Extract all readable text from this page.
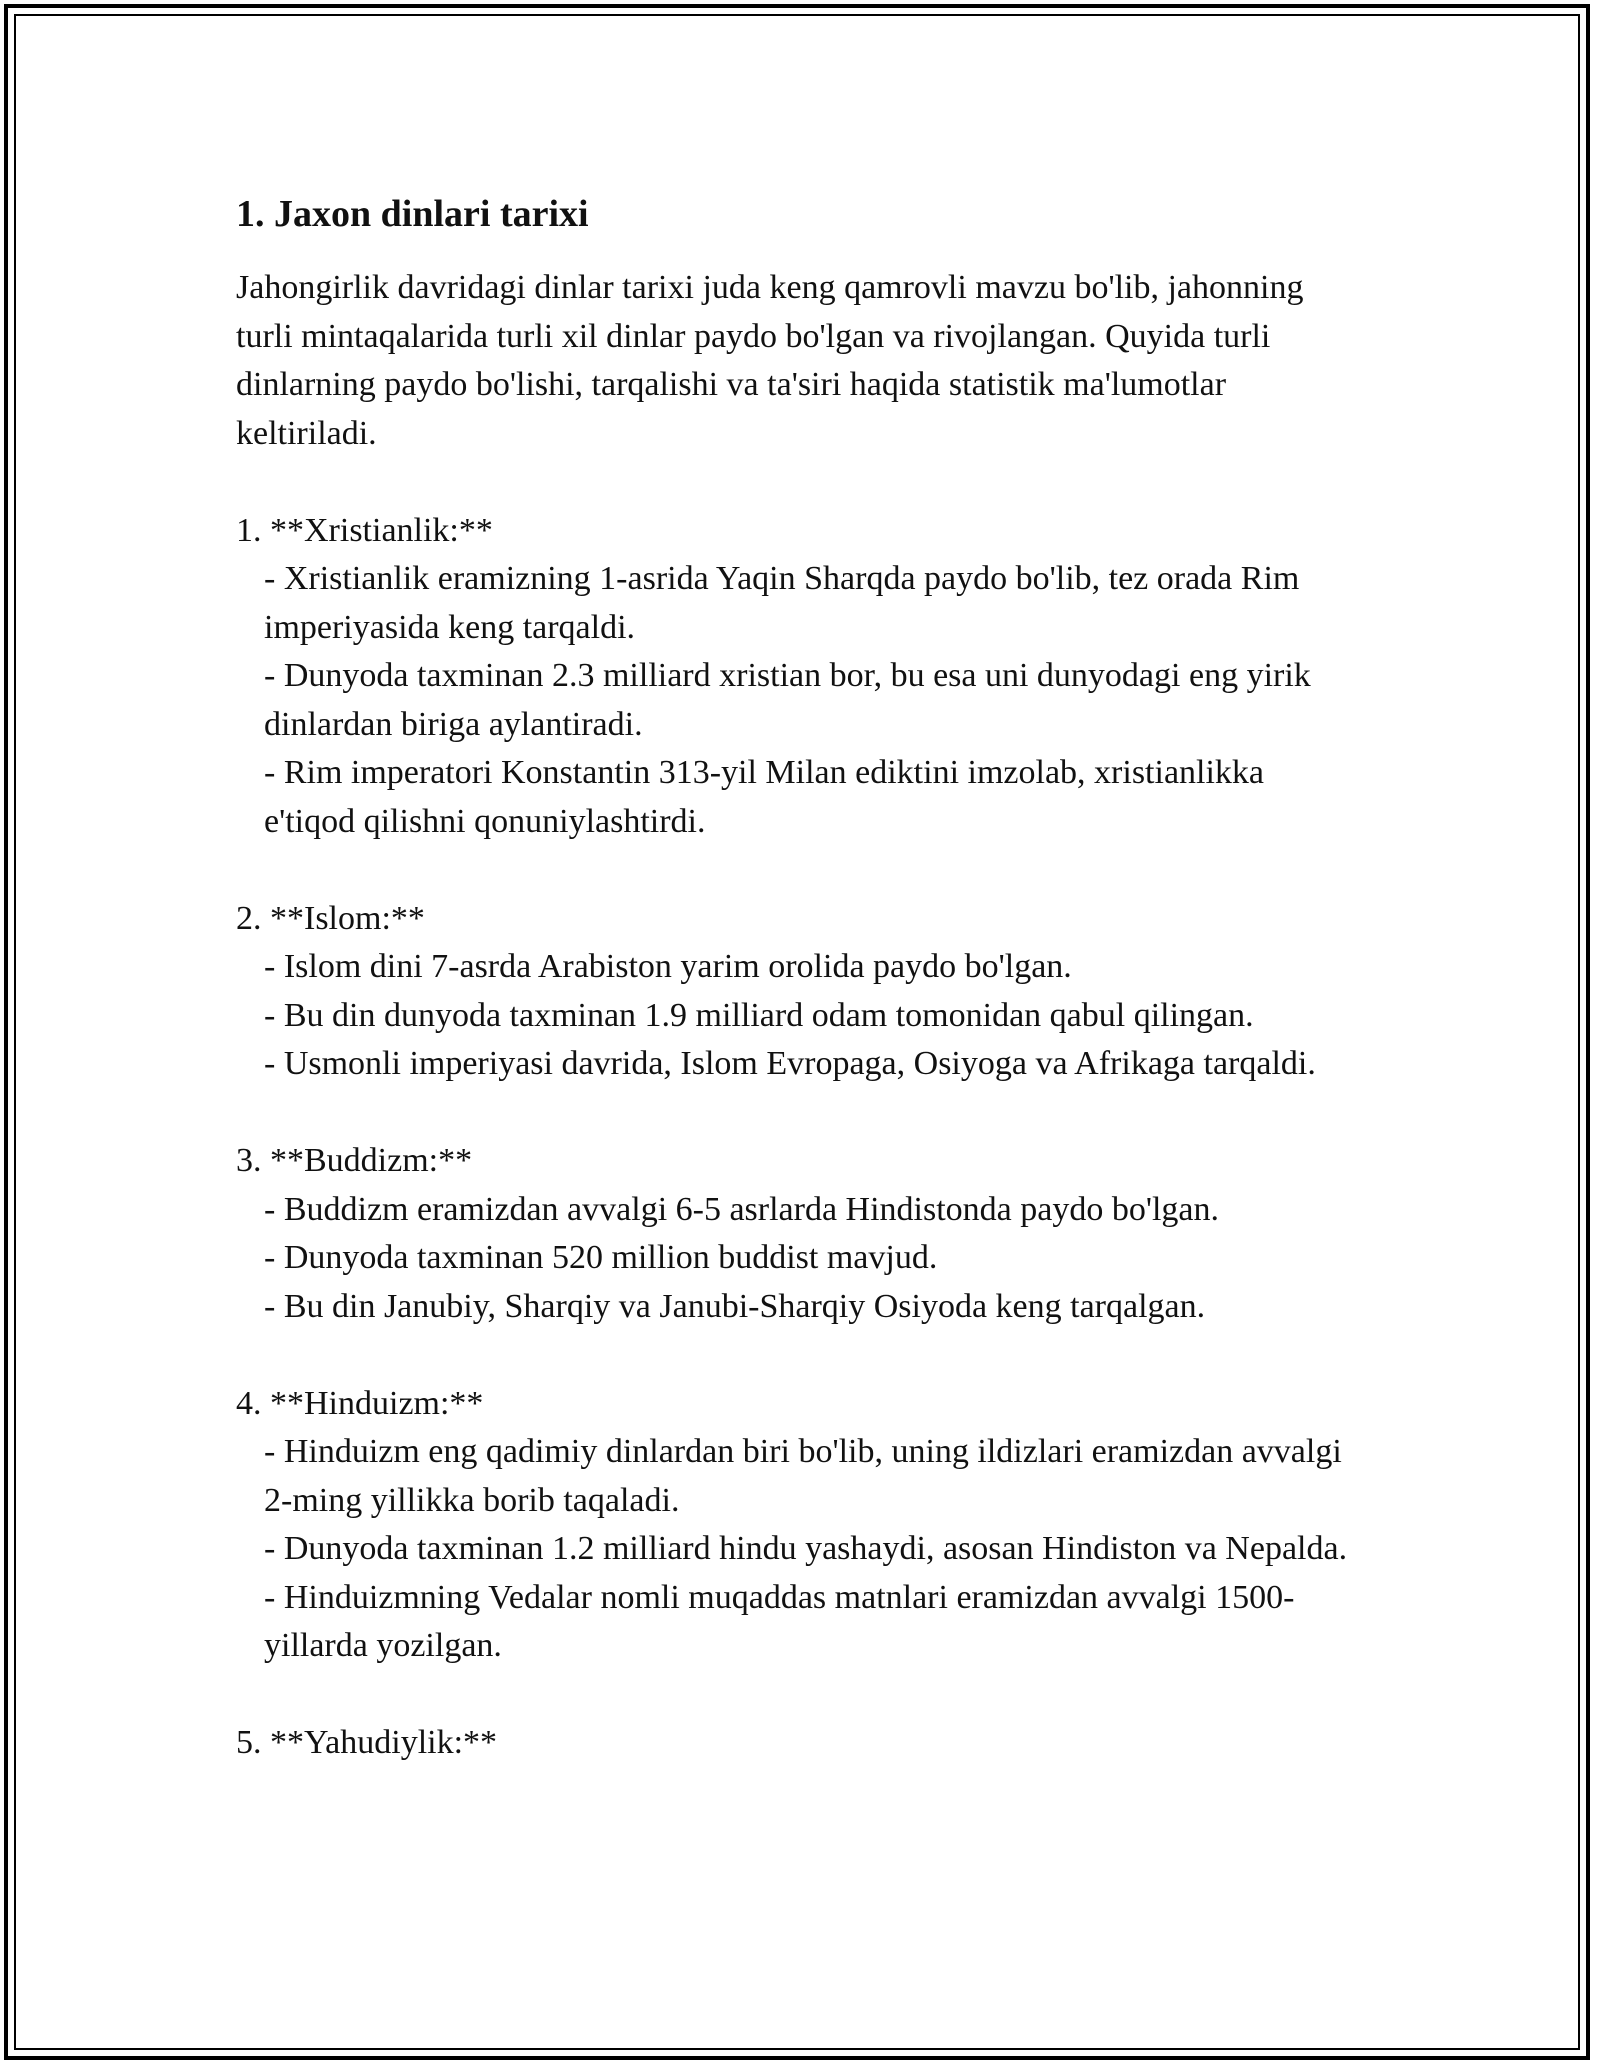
1. Jaxon dinlari tarixi

Jahongirlik davridagi dinlar tarixi juda keng qamrovli mavzu bo'lib, jahonning turli mintaqalarida turli xil dinlar paydo bo'lgan va rivojlangan. Quyida turli dinlarning paydo bo'lishi, tarqalishi va ta'siri haqida statistik ma'lumotlar keltiriladi.

1. **Xristianlik:**

- Xristianlik eramizning 1-asrida Yaqin Sharqda paydo bo'lib, tez orada Rim imperiyasida keng tarqaldi.

- Dunyoda taxminan 2.3 milliard xristian bor, bu esa uni dunyodagi eng yirik dinlardan biriga aylantiradi.

- Rim imperatori Konstantin 313-yil Milan ediktini imzolab, xristianlikka e'tiqod qilishni qonuniylashtirdi.

2. **Islom:**

- Islom dini 7-asrda Arabiston yarim orolida paydo bo'lgan.

- Bu din dunyoda taxminan 1.9 milliard odam tomonidan qabul qilingan.

- Usmonli imperiyasi davrida, Islom Evropaga, Osiyoga va Afrikaga tarqaldi.

3. **Buddizm:**

- Buddizm eramizdan avvalgi 6-5 asrlarda Hindistonda paydo bo'lgan.

- Dunyoda taxminan 520 million buddist mavjud.

- Bu din Janubiy, Sharqiy va Janubi-Sharqiy Osiyoda keng tarqalgan.

4. **Hinduizm:**

- Hinduizm eng qadimiy dinlardan biri bo'lib, uning ildizlari eramizdan avvalgi 2-ming yillikka borib taqaladi.

- Dunyoda taxminan 1.2 milliard hindu yashaydi, asosan Hindiston va Nepalda.

- Hinduizmning Vedalar nomli muqaddas matnlari eramizdan avvalgi 1500-yillarda yozilgan.

5. **Yahudiylik:**
